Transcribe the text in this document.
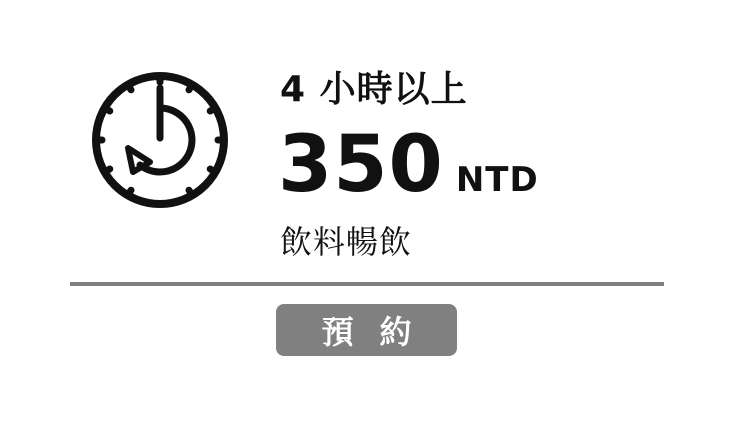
4 小時以上
350 NTD
飲料暢飲
預約
